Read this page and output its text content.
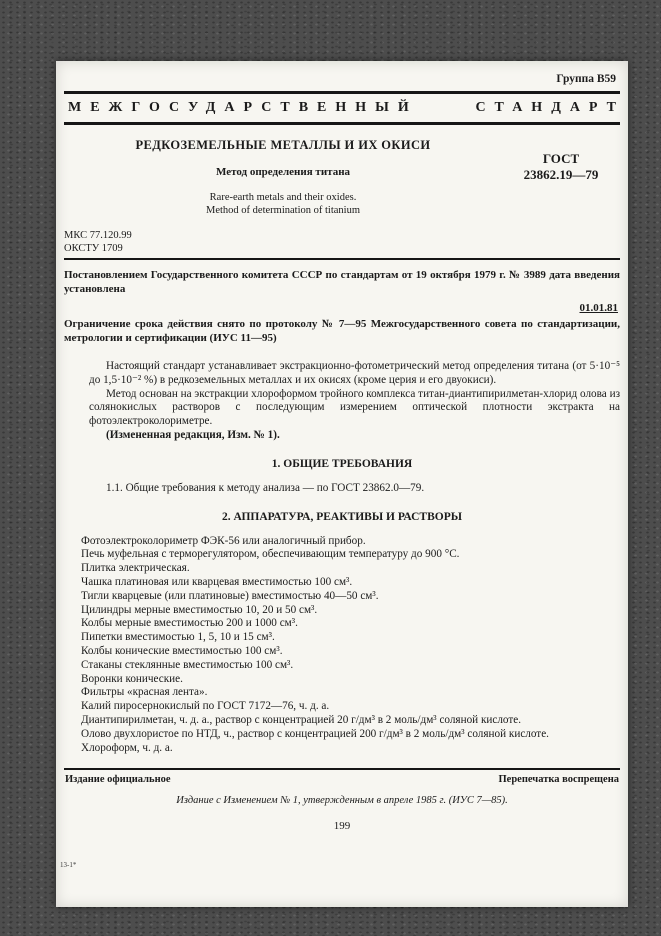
Группа В59
МЕЖГОСУДАРСТВЕННЫЙ	СТАНДАРТ
РЕДКОЗЕМЕЛЬНЫЕ МЕТАЛЛЫ И ИХ ОКИСИ
Метод определения титана
Rare-earth metals and their oxides.
Method of determination of titanium
ГОСТ
23862.19—79
МКС 77.120.99
ОКСТУ 1709
Постановлением Государственного комитета СССР по стандартам от 19 октября 1979 г. № 3989 дата введения установлена
01.01.81
Ограничение срока действия снято по протоколу № 7—95 Межгосударственного совета по стандартизации, метрологии и сертификации (ИУС 11—95)

Настоящий стандарт устанавливает экстракционно-фотометрический метод определения титана (от 5·10⁻⁵ до 1,5·10⁻² %) в редкоземельных металлах и их окисях (кроме церия и его двуокиси).

Метод основан на экстракции хлороформом тройного комплекса титан-диантипирилметан-хлорид олова из солянокислых растворов с последующим измерением оптической плотности экстракта на фотоэлектроколориметре.

(Измененная редакция, Изм. № 1).

1. ОБЩИЕ ТРЕБОВАНИЯ

1.1. Общие требования к методу анализа — по ГОСТ 23862.0—79.

2. АППАРАТУРА, РЕАКТИВЫ И РАСТВОРЫ

Фотоэлектроколориметр ФЭК-56 или аналогичный прибор.

Печь муфельная с терморегулятором, обеспечивающим температуру до 900 °С.

Плитка электрическая.

Чашка платиновая или кварцевая вместимостью 100 см³.

Тигли кварцевые (или платиновые) вместимостью 40—50 см³.

Цилиндры мерные вместимостью 10, 20 и 50 см³.

Колбы мерные вместимостью 200 и 1000 см³.

Пипетки вместимостью 1, 5, 10 и 15 см³.

Колбы конические вместимостью 100 см³.

Стаканы стеклянные вместимостью 100 см³.

Воронки конические.

Фильтры «красная лента».

Калий пиросернокислый по ГОСТ 7172—76, ч. д. а.

Диантипирилметан, ч. д. а., раствор с концентрацией 20 г/дм³ в 2 моль/дм³ соляной кислоте.

Олово двухлористое по НТД, ч., раствор с концентрацией 200 г/дм³ в 2 моль/дм³ соляной кислоте.

Хлороформ, ч. д. а.

Издание официальное	Перепечатка воспрещена
Издание с Изменением № 1, утвержденным в апреле 1985 г. (ИУС 7—85).
199
13-1*
